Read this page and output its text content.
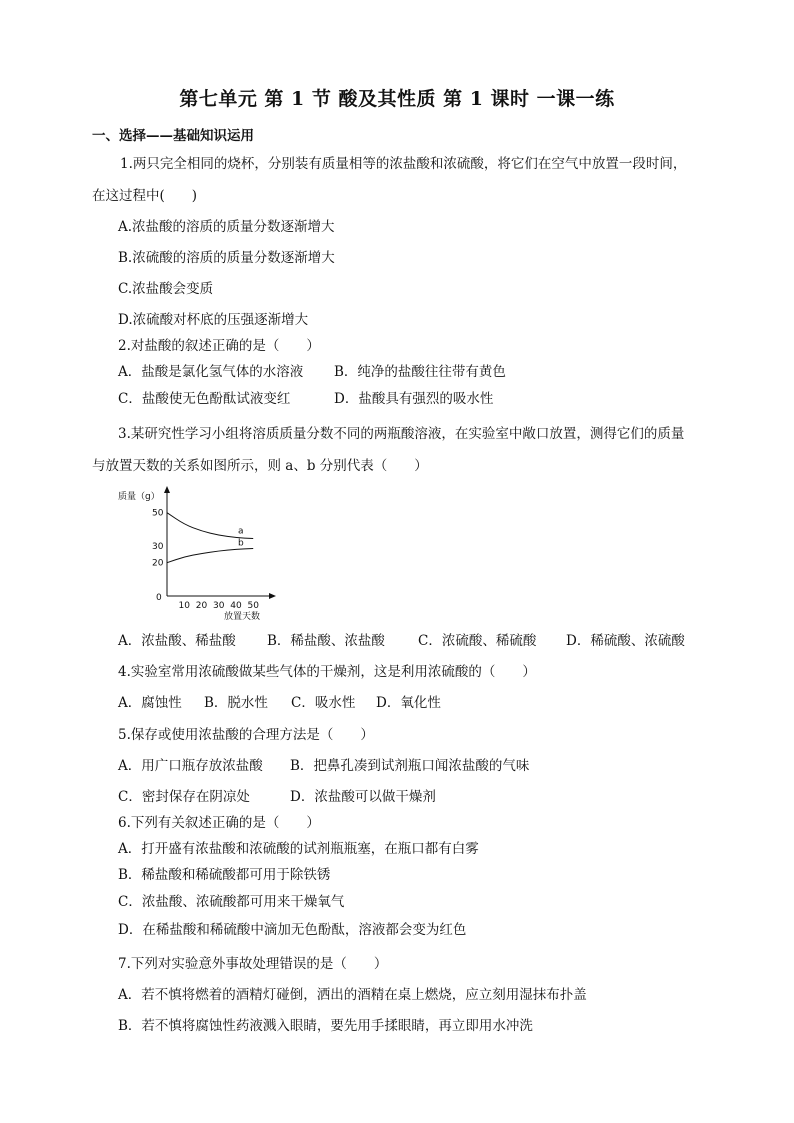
第七单元 第 1 节 酸及其性质 第 1 课时 一课一练
一、选择——基础知识运用
1.两只完全相同的烧杯，分别装有质量相等的浓盐酸和浓硫酸，将它们在空气中放置一段时间，
在这过程中(　　)
A.浓盐酸的溶质的质量分数逐渐增大
B.浓硫酸的溶质的质量分数逐渐增大
C.浓盐酸会变质
D.浓硫酸对杯底的压强逐渐增大
2.对盐酸的叙述正确的是（　　）
A．盐酸是氯化氢气体的水溶液 B．纯净的盐酸往往带有黄色
C．盐酸使无色酚酞试液变红	D．盐酸具有强烈的吸水性
3.某研究性学习小组将溶质质量分数不同的两瓶酸溶液，在实验室中敞口放置，测得它们的质量
与放置天数的关系如图所示，则 a、b 分别代表（　　）
质量（g）
50
30
20
10 20 30 40 50
0
a
b
放置天数
A．浓盐酸、稀盐酸 B．稀盐酸、浓盐酸 C．浓硫酸、稀硫酸 D．稀硫酸、浓硫酸
4.实验室常用浓硫酸做某些气体的干燥剂，这是利用浓硫酸的（　　）
A．腐蚀性 B．脱水性 C．吸水性 D．氧化性
5.保存或使用浓盐酸的合理方法是（　　）
A．用广口瓶存放浓盐酸 B．把鼻孔凑到试剂瓶口闻浓盐酸的气味
C．密封保存在阴凉处	D．浓盐酸可以做干燥剂
6.下列有关叙述正确的是（　　）
A．打开盛有浓盐酸和浓硫酸的试剂瓶瓶塞，在瓶口都有白雾
B．稀盐酸和稀硫酸都可用于除铁锈
C．浓盐酸、浓硫酸都可用来干燥氧气
D．在稀盐酸和稀硫酸中滴加无色酚酞，溶液都会变为红色
7.下列对实验意外事故处理错误的是（　　）
A．若不慎将燃着的酒精灯碰倒，洒出的酒精在桌上燃烧，应立刻用湿抹布扑盖
B．若不慎将腐蚀性药液溅入眼睛，要先用手揉眼睛，再立即用水冲洗
